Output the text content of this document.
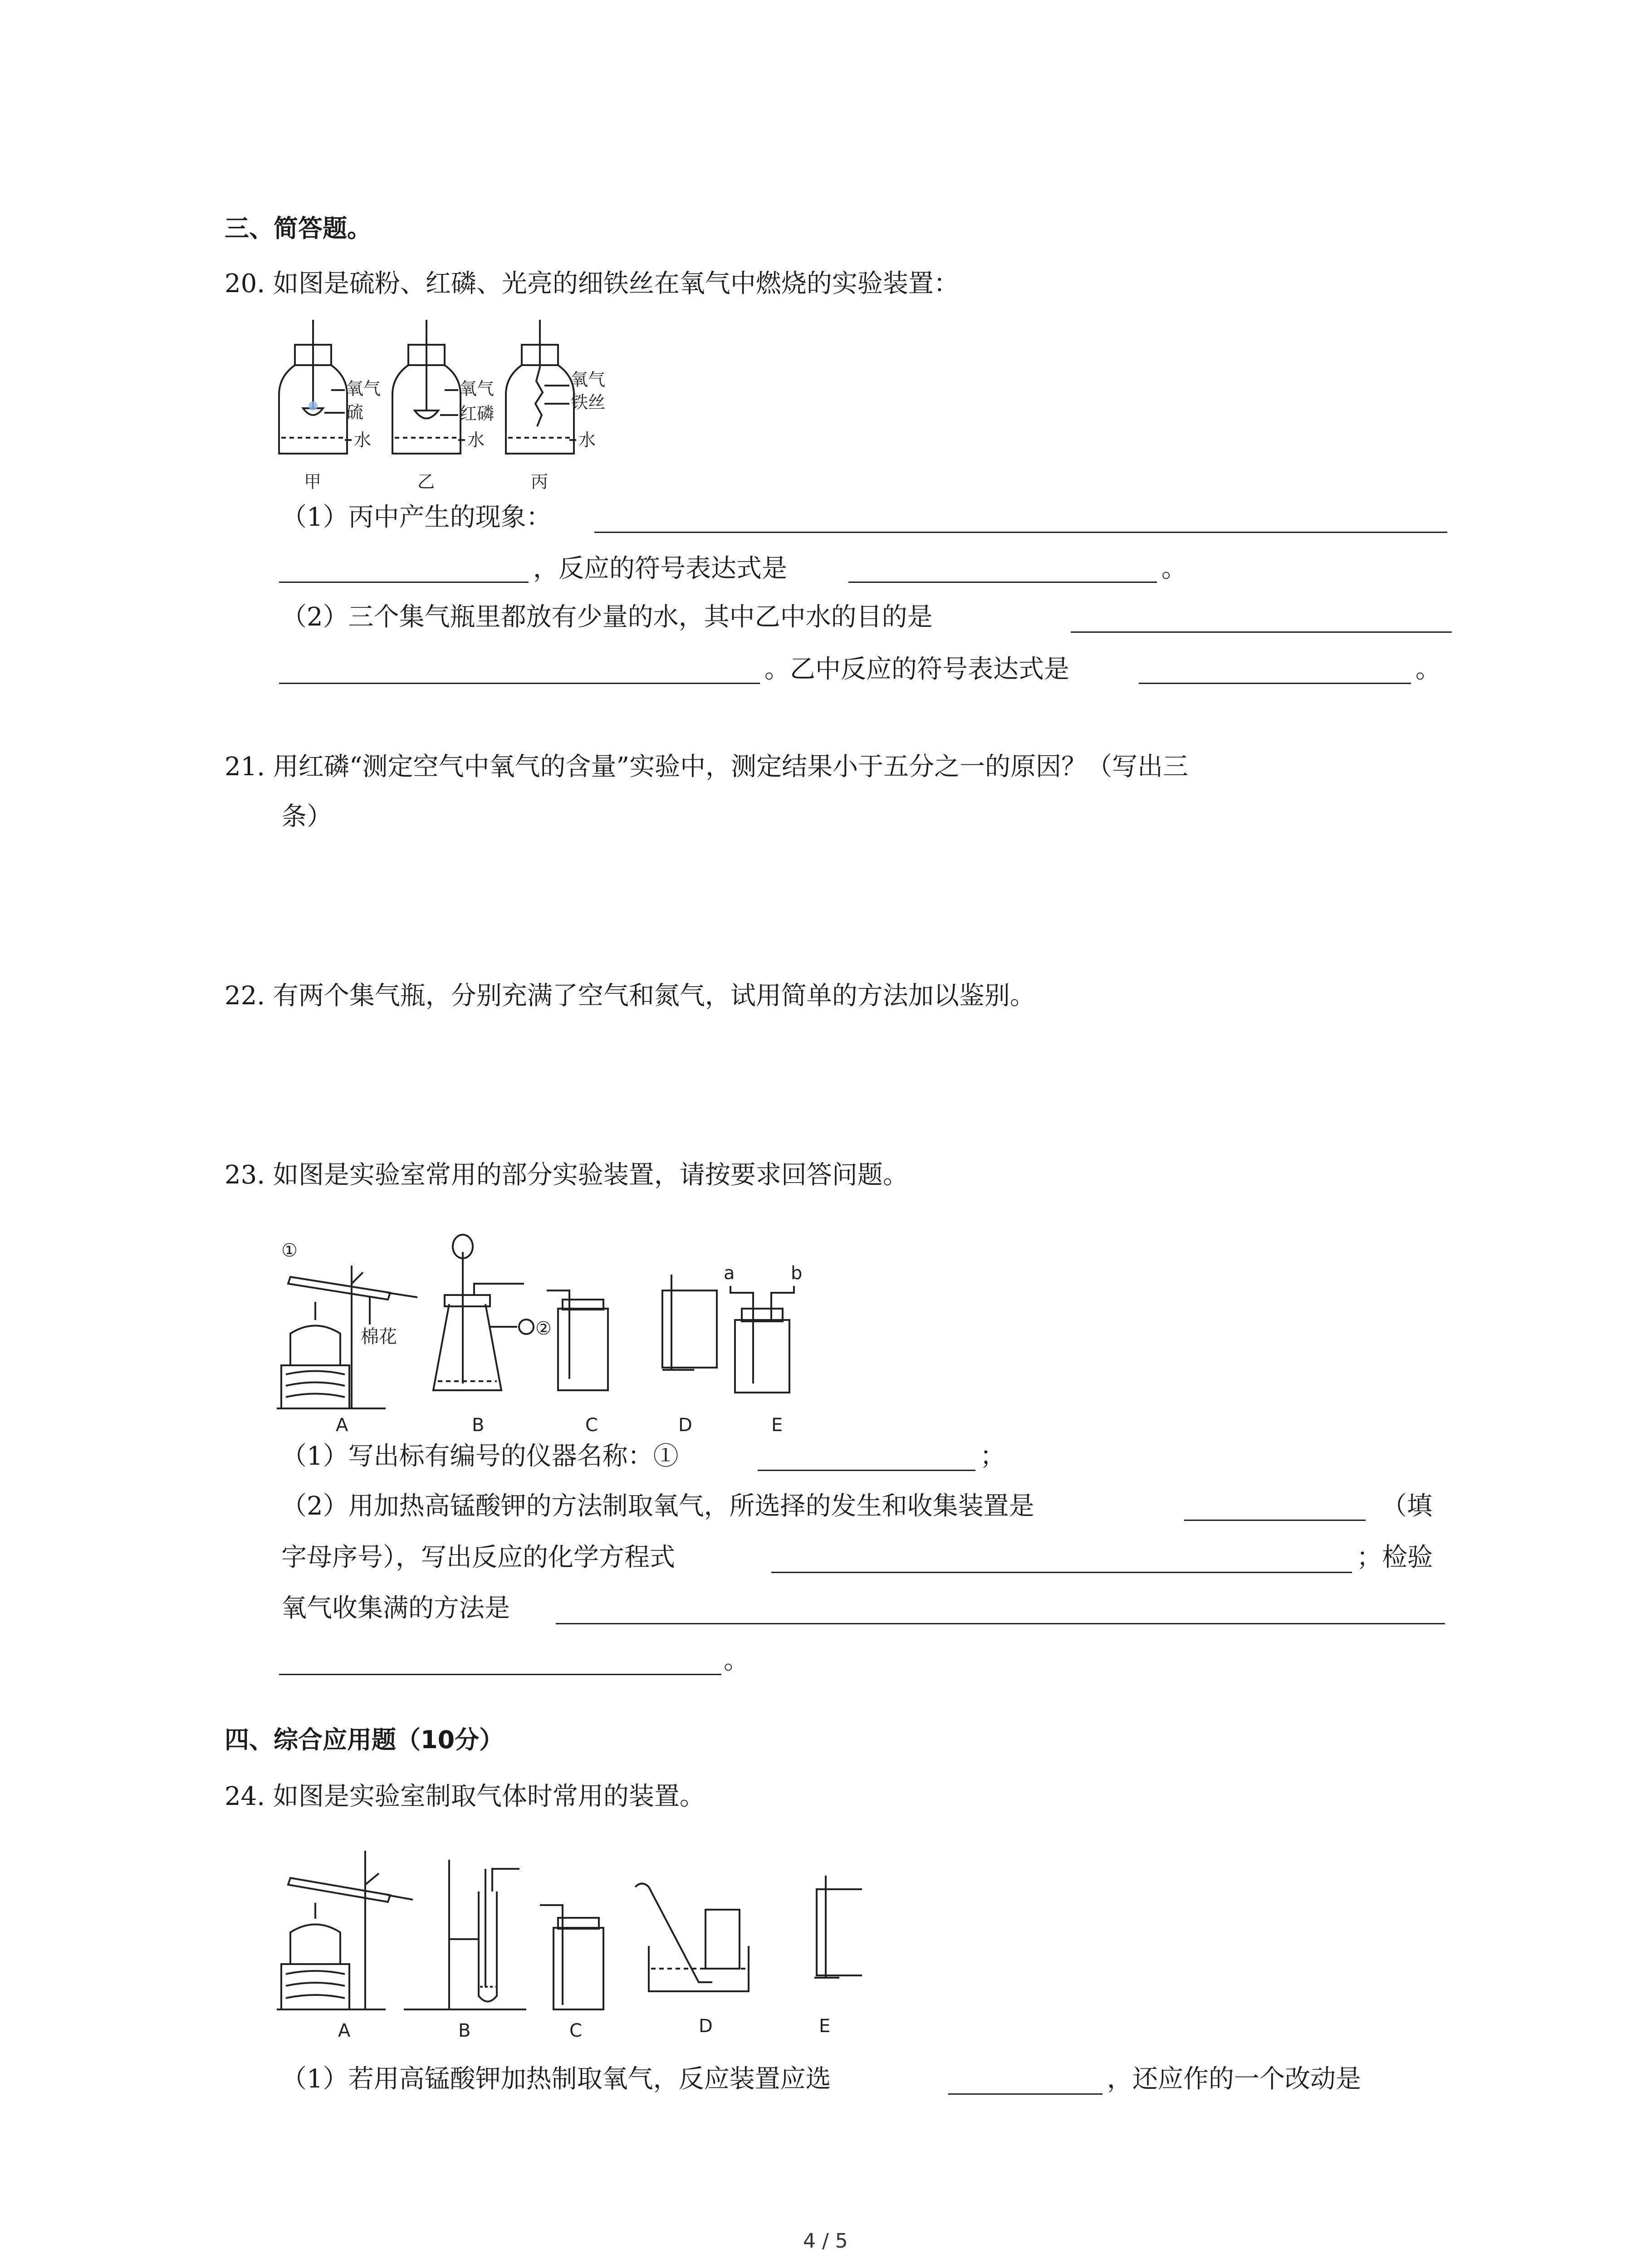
三、简答题。
20. 如图是硫粉、红磷、光亮的细铁丝在氧气中燃烧的实验装置：
氧气
硫
水
氧气
红磷
水
氧气
铁丝
水
甲	乙	丙
（1）丙中产生的现象：
，反应的符号表达式是	。
（2）三个集气瓶里都放有少量的水，其中乙中水的目的是
。乙中反应的符号表达式是	。
21. 用红磷“测定空气中氧气的含量”实验中，测定结果小于五分之一的原因？（写出三
条）
22. 有两个集气瓶，分别充满了空气和氮气，试用简单的方法加以鉴别。
23. 如图是实验室常用的部分实验装置，请按要求回答问题。
①
棉花	②
a	b
A	B	C	D	E
（1）写出标有编号的仪器名称：①	；
（2）用加热高锰酸钾的方法制取氧气，所选择的发生和收集装置是	（填
字母序号），写出反应的化学方程式	；检验
氧气收集满的方法是
。
四、综合应用题（10分）
24. 如图是实验室制取气体时常用的装置。
A	B	C	D	E
（1）若用高锰酸钾加热制取氧气，反应装置应选	，还应作的一个改动是
4 / 5
